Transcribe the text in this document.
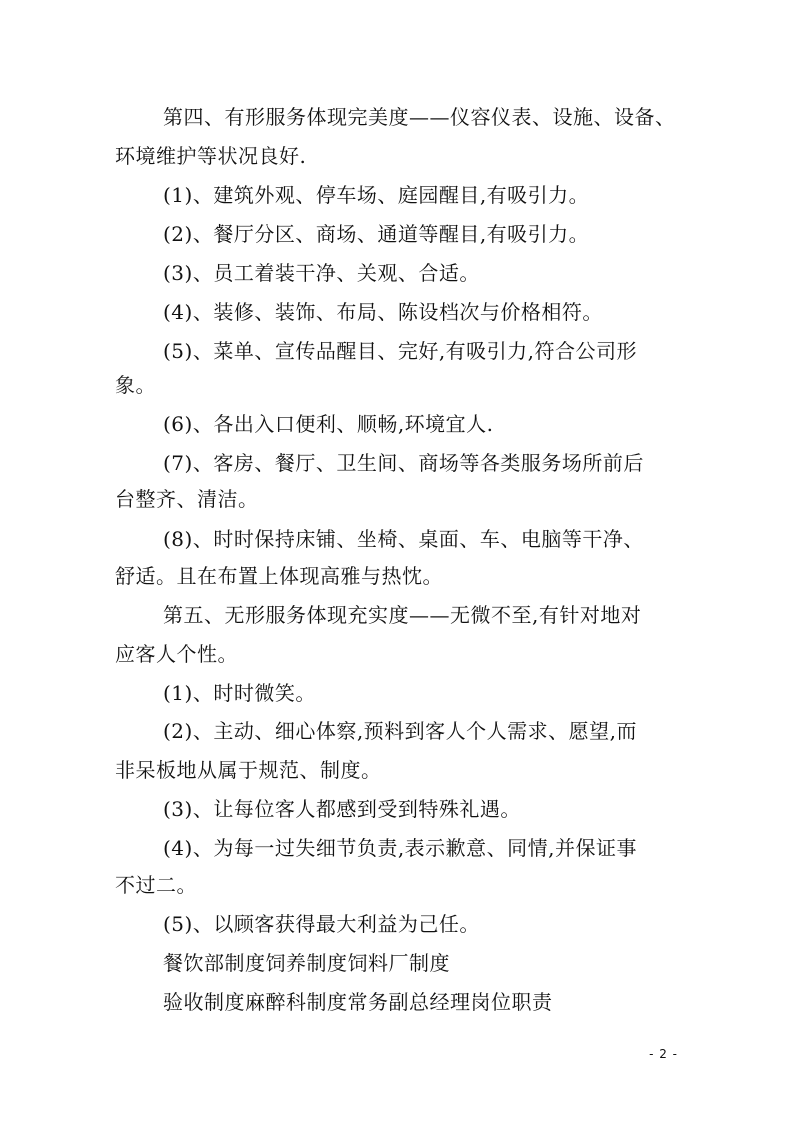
第四、有形服务体现完美度——仪容仪表、设施、设备、

环境维护等状况良好.

(1)、建筑外观、停车场、庭园醒目,有吸引力。

(2)、餐厅分区、商场、通道等醒目,有吸引力。

(3)、员工着装干净、关观、合适。

(4)、装修、装饰、布局、陈设档次与价格相符。

(5)、菜单、宣传品醒目、完好,有吸引力,符合公司形

象。

(6)、各出入口便利、顺畅,环境宜人.

(7)、客房、餐厅、卫生间、商场等各类服务场所前后

台整齐、清洁。

(8)、时时保持床铺、坐椅、桌面、车、电脑等干净、

舒适。且在布置上体现高雅与热忱。

第五、无形服务体现充实度——无微不至,有针对地对

应客人个性。

(1)、时时微笑。

(2)、主动、细心体察,预料到客人个人需求、愿望,而

非呆板地从属于规范、制度。

(3)、让每位客人都感到受到特殊礼遇。

(4)、为每一过失细节负责,表示歉意、同情,并保证事

不过二。

(5)、以顾客获得最大利益为己任。

餐饮部制度饲养制度饲料厂制度

验收制度麻醉科制度常务副总经理岗位职责

- 2 -
